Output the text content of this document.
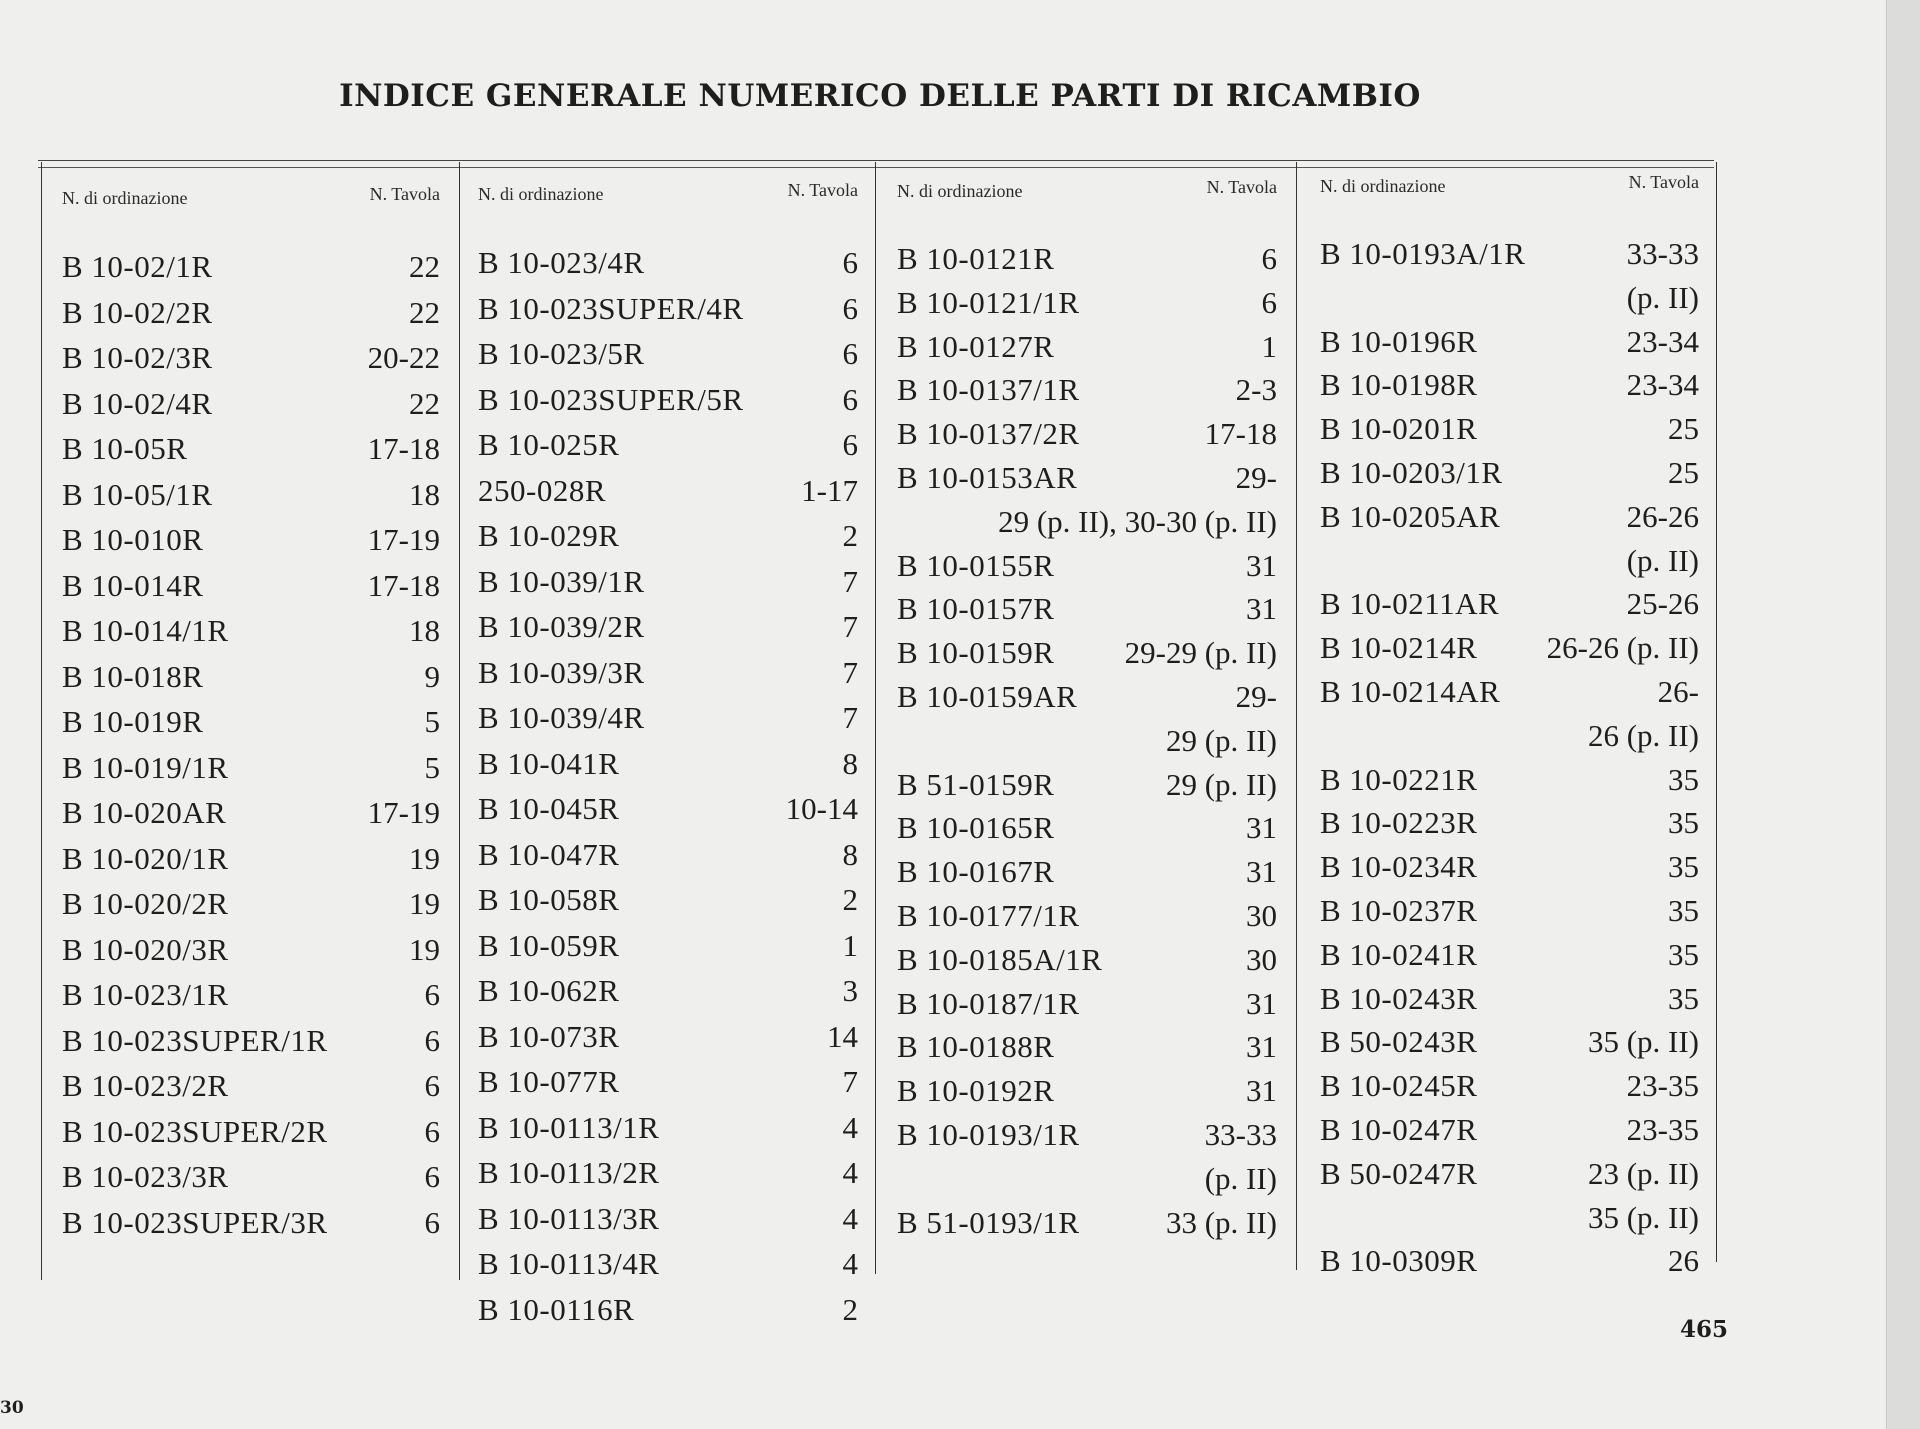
INDICE GENERALE NUMERICO DELLE PARTI DI RICAMBIO
N. di ordinazione	N. Tavola
B 10-02/1R	22
B 10-02/2R	22
B 10-02/3R	20-22
B 10-02/4R	22
B 10-05R	17-18
B 10-05/1R	18
B 10-010R	17-19
B 10-014R	17-18
B 10-014/1R	18
B 10-018R	9
B 10-019R	5
B 10-019/1R	5
B 10-020AR	17-19
B 10-020/1R	19
B 10-020/2R	19
B 10-020/3R	19
B 10-023/1R	6
B 10-023SUPER/1R	6
B 10-023/2R	6
B 10-023SUPER/2R	6
B 10-023/3R	6
B 10-023SUPER/3R	6
N. di ordinazione	N. Tavola
B 10-023/4R	6
B 10-023SUPER/4R	6
B 10-023/5R	6
B 10-023SUPER/5R	6
B 10-025R	6
250-028R	1-17
B 10-029R	2
B 10-039/1R	7
B 10-039/2R	7
B 10-039/3R	7
B 10-039/4R	7
B 10-041R	8
B 10-045R	10-14
B 10-047R	8
B 10-058R	2
B 10-059R	1
B 10-062R	3
B 10-073R	14
B 10-077R	7
B 10-0113/1R	4
B 10-0113/2R	4
B 10-0113/3R	4
B 10-0113/4R	4
B 10-0116R	2
N. di ordinazione	N. Tavola
B 10-0121R	6
B 10-0121/1R	6
B 10-0127R	1
B 10-0137/1R	2-3
B 10-0137/2R	17-18
B 10-0153AR	29-
29 (p. II), 30-30 (p. II)
B 10-0155R	31
B 10-0157R	31
B 10-0159R 29-29 (p. II)
B 10-0159AR	29-
29 (p. II)
B 51-0159R	29 (p. II)
B 10-0165R	31
B 10-0167R	31
B 10-0177/1R	30
B 10-0185A/1R	30
B 10-0187/1R	31
B 10-0188R	31
B 10-0192R	31
B 10-0193/1R	33-33
(p. II)
B 51-0193/1R	33 (p. II)
N. di ordinazione	N. Tavola
B 10-0193A/1R	33-33
(p. II)
B 10-0196R	23-34
B 10-0198R	23-34
B 10-0201R	25
B 10-0203/1R	25
B 10-0205AR	26-26
(p. II)
B 10-0211AR	25-26
B 10-0214R 26-26 (p. II)
B 10-0214AR	26-
26 (p. II)
B 10-0221R	35
B 10-0223R	35
B 10-0234R	35
B 10-0237R	35
B 10-0241R	35
B 10-0243R	35
B 50-0243R	35 (p. II)
B 10-0245R	23-35
B 10-0247R	23-35
B 50-0247R	23 (p. II)
35 (p. II)
B 10-0309R	26
465
30
